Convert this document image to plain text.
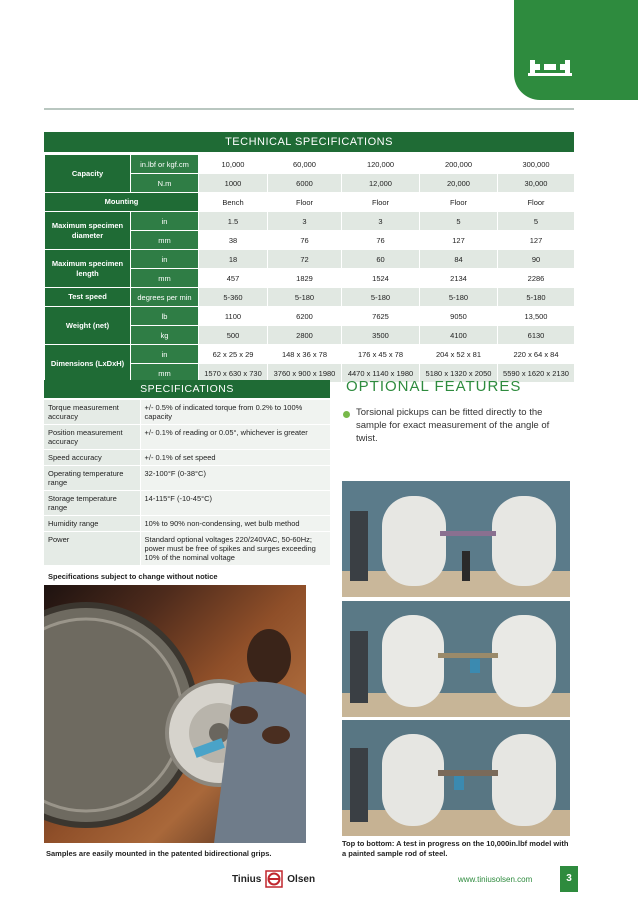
TECHNICAL SPECIFICATIONS
Capacity	in.lbf or kgf.cm	10,000	60,000	120,000	200,000	300,000
	N.m	1000	6000	12,000	20,000	30,000
Mounting		Bench	Floor	Floor	Floor	Floor
Maximum specimen diameter	in	1.5	3	3	5	5
	mm	38	76	76	127	127
Maximum specimen length	in	18	72	60	84	90
	mm	457	1829	1524	2134	2286
Test speed	degrees per min	5-360	5-180	5-180	5-180	5-180
Weight (net)	lb	1100	6200	7625	9050	13,500
	kg	500	2800	3500	4100	6130
Dimensions (LxDxH)	in	62 x 25 x 29	148 x 36 x 78	176 x 45 x 78	204 x 52 x 81	220 x 64 x 84
	mm	1570 x 630 x 730	3760 x 900 x 1980	4470 x 1140 x 1980	5180 x 1320 x 2050	5590 x 1620 x 2130
SPECIFICATIONS
Torque measurement accuracy	+/- 0.5% of indicated torque from 0.2% to 100% capacity
Position measurement accuracy	+/- 0.1% of reading or 0.05°, whichever is greater
Speed accuracy	+/- 0.1% of set speed
Operating temperature range	32-100°F (0-38°C)
Storage temperature range	14-115°F (-10-45°C)
Humidity range	10% to 90% non-condensing, wet bulb method
Power	Standard optional voltages 220/240VAC, 50-60Hz; power must be free of spikes and surges exceeding 10% of the nominal voltage
Specifications subject to change without notice
OPTIONAL FEATURES
Torsional pickups can be fitted directly to the sample for exact measurement of the angle of twist.
Samples are easily mounted in the patented bidirectional grips.
Top to bottom: A test in progress on the 10,000in.lbf model with a painted sample rod of steel.
Tinius	Olsen	www.tiniusolsen.com	3
